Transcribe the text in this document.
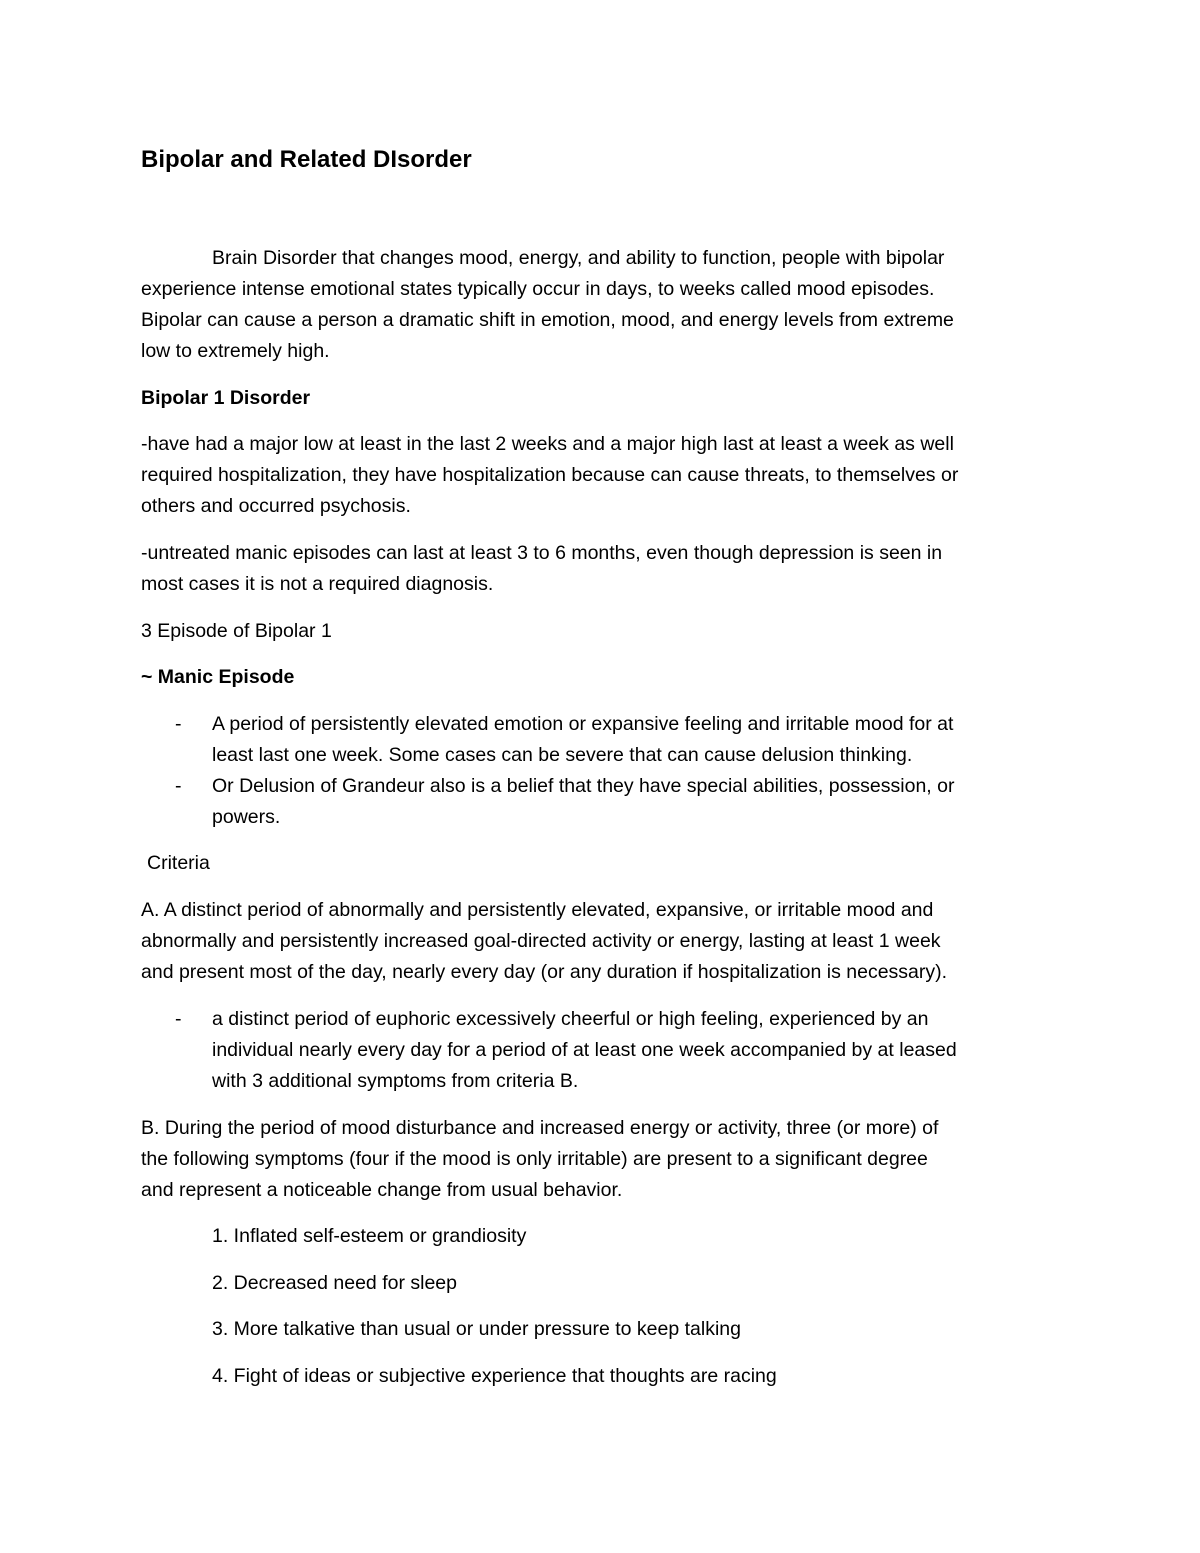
Bipolar and Related DIsorder
Brain Disorder that changes mood, energy, and ability to function, people with bipolar
experience intense emotional states typically occur in days, to weeks called mood episodes.
Bipolar can cause a person a dramatic shift in emotion, mood, and energy levels from extreme
low to extremely high.
Bipolar 1 Disorder
-have had a major low at least in the last 2 weeks and a major high last at least a week as well
required hospitalization, they have hospitalization because can cause threats, to themselves or
others and occurred psychosis.
-untreated manic episodes can last at least 3 to 6 months, even though depression is seen in
most cases it is not a required diagnosis.
3 Episode of Bipolar 1
~ Manic Episode
- A period of persistently elevated emotion or expansive feeling and irritable mood for at
least last one week. Some cases can be severe that can cause delusion thinking.
- Or Delusion of Grandeur also is a belief that they have special abilities, possession, or
powers.
Criteria
A. A distinct period of abnormally and persistently elevated, expansive, or irritable mood and
abnormally and persistently increased goal-directed activity or energy, lasting at least 1 week
and present most of the day, nearly every day (or any duration if hospitalization is necessary).
- a distinct period of euphoric excessively cheerful or high feeling, experienced by an
individual nearly every day for a period of at least one week accompanied by at leased
with 3 additional symptoms from criteria B.
B. During the period of mood disturbance and increased energy or activity, three (or more) of
the following symptoms (four if the mood is only irritable) are present to a significant degree
and represent a noticeable change from usual behavior.
1. Inflated self-esteem or grandiosity
2. Decreased need for sleep
3. More talkative than usual or under pressure to keep talking
4. Fight of ideas or subjective experience that thoughts are racing
